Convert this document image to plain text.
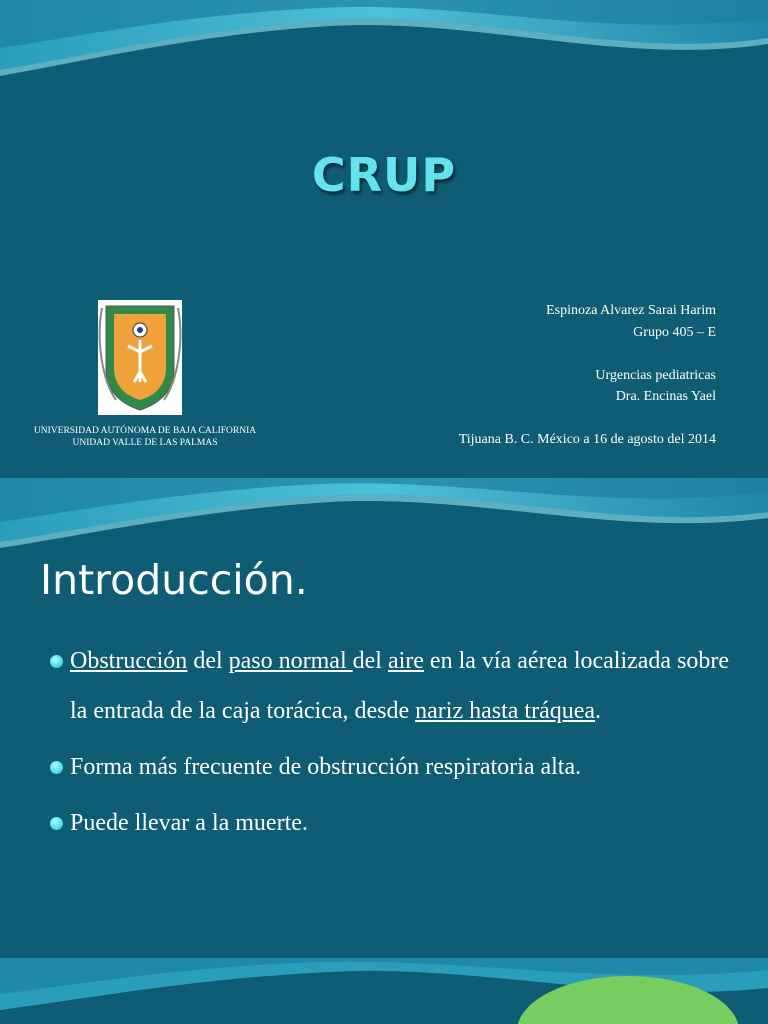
CRUP
UNIVERSIDAD AUTÓNOMA DE BAJA CALIFORNIA
UNIDAD VALLE DE LAS PALMAS
Espinoza Alvarez Sarai Harim
Grupo 405 – E
Urgencias pediatricas
Dra. Encinas Yael
Tijuana B. C. México a 16 de agosto del 2014
Introducción.
Obstrucción del paso normal del aire en la vía aérea localizada sobre la entrada de la caja torácica, desde nariz hasta tráquea.
Forma más frecuente de obstrucción respiratoria alta.
Puede llevar a la muerte.
